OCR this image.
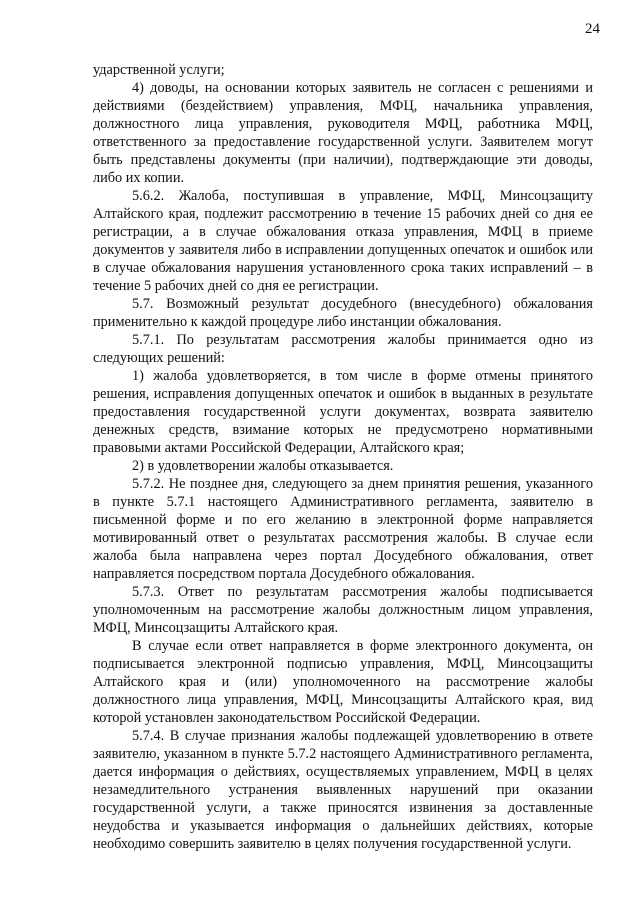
24

ударственной услуги;

4) доводы, на основании которых заявитель не согласен с решениями и действиями (бездействием) управления, МФЦ, начальника управления, должностного лица управления, руководителя МФЦ, работника МФЦ, ответственного за предоставление государственной услуги. Заявителем могут быть представлены документы (при наличии), подтверждающие эти доводы, либо их копии.

5.6.2. Жалоба, поступившая в управление, МФЦ, Минсоцзащиту Алтайского края, подлежит рассмотрению в течение 15 рабочих дней со дня ее регистрации, а в случае обжалования отказа управления, МФЦ в приеме документов у заявителя либо в исправлении допущенных опечаток и ошибок или в случае обжалования нарушения установленного срока таких исправлений – в течение 5 рабочих дней со дня ее регистрации.

5.7. Возможный результат досудебного (внесудебного) обжалования применительно к каждой процедуре либо инстанции обжалования.

5.7.1. По результатам рассмотрения жалобы принимается одно из следующих решений:

1) жалоба удовлетворяется, в том числе в форме отмены принятого решения, исправления допущенных опечаток и ошибок в выданных в результате предоставления государственной услуги документах, возврата заявителю денежных средств, взимание которых не предусмотрено нормативными правовыми актами Российской Федерации, Алтайского края;

2) в удовлетворении жалобы отказывается.

5.7.2. Не позднее дня, следующего за днем принятия решения, указанного в пункте 5.7.1 настоящего Административного регламента, заявителю в письменной форме и по его желанию в электронной форме направляется мотивированный ответ о результатах рассмотрения жалобы. В случае если жалоба была направлена через портал Досудебного обжалования, ответ направляется посредством портала Досудебного обжалования.

5.7.3. Ответ по результатам рассмотрения жалобы подписывается уполномоченным на рассмотрение жалобы должностным лицом управления, МФЦ, Минсоцзащиты Алтайского края.

В случае если ответ направляется в форме электронного документа, он подписывается электронной подписью управления, МФЦ, Минсоцзащиты Алтайского края и (или) уполномоченного на рассмотрение жалобы должностного лица управления, МФЦ, Минсоцзащиты Алтайского края, вид которой установлен законодательством Российской Федерации.

5.7.4. В случае признания жалобы подлежащей удовлетворению в ответе заявителю, указанном в пункте 5.7.2 настоящего Административного регламента, дается информация о действиях, осуществляемых управлением, МФЦ в целях незамедлительного устранения выявленных нарушений при оказании государственной услуги, а также приносятся извинения за доставленные неудобства и указывается информация о дальнейших действиях, которые необходимо совершить заявителю в целях получения государственной услуги.
